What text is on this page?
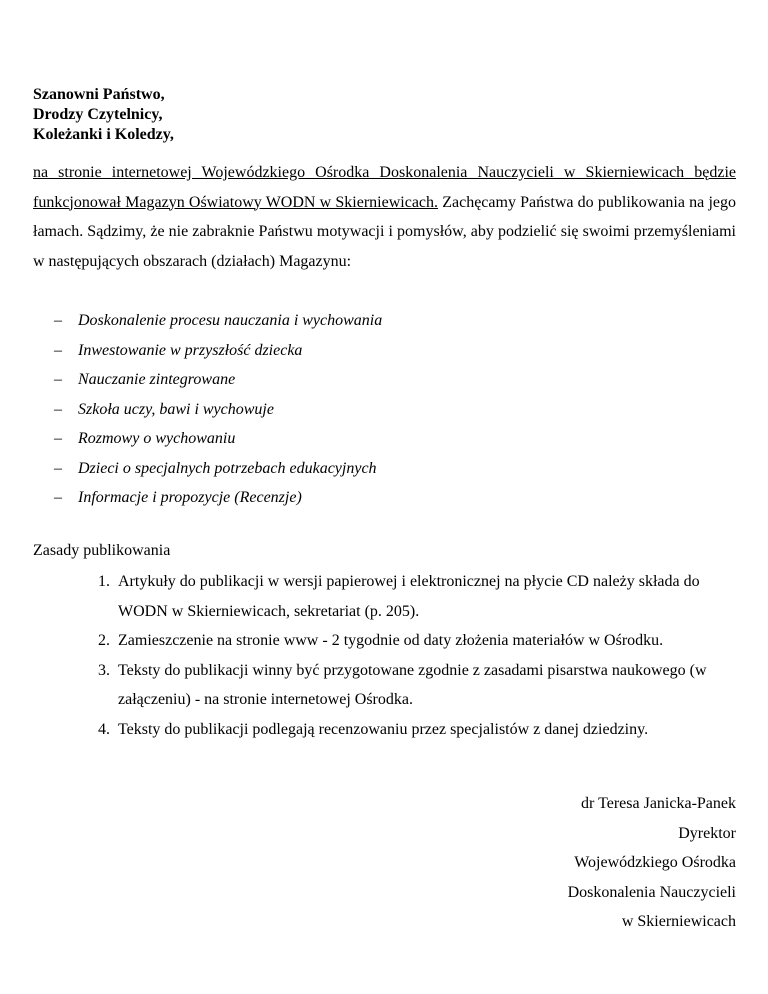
Szanowni Państwo,
Drodzy Czytelnicy,
Koleżanki i Koledzy,

na stronie internetowej Wojewódzkiego Ośrodka Doskonalenia Nauczycieli w Skierniewicach będzie funkcjonował Magazyn Oświatowy WODN w Skierniewicach. Zachęcamy Państwa do publikowania na jego łamach. Sądzimy, że nie zabraknie Państwu motywacji i pomysłów, aby podzielić się swoimi przemyśleniami w następujących obszarach (działach) Magazynu:

– Doskonalenie procesu nauczania i wychowania
– Inwestowanie w przyszłość dziecka
– Nauczanie zintegrowane
– Szkoła uczy, bawi i wychowuje
– Rozmowy o wychowaniu
– Dzieci o specjalnych potrzebach edukacyjnych
– Informacje i propozycje (Recenzje)
Zasady publikowania
1. Artykuły do publikacji w wersji papierowej i elektronicznej na płycie CD należy składa do WODN w Skierniewicach, sekretariat (p. 205).
2. Zamieszczenie na stronie www - 2 tygodnie od daty złożenia materiałów w Ośrodku.
3. Teksty do publikacji winny być przygotowane zgodnie z zasadami pisarstwa naukowego (w załączeniu) - na stronie internetowej Ośrodka.
4. Teksty do publikacji podlegają recenzowaniu przez specjalistów z danej dziedziny.
dr Teresa Janicka-Panek
Dyrektor
Wojewódzkiego Ośrodka
Doskonalenia Nauczycieli
w Skierniewicach
